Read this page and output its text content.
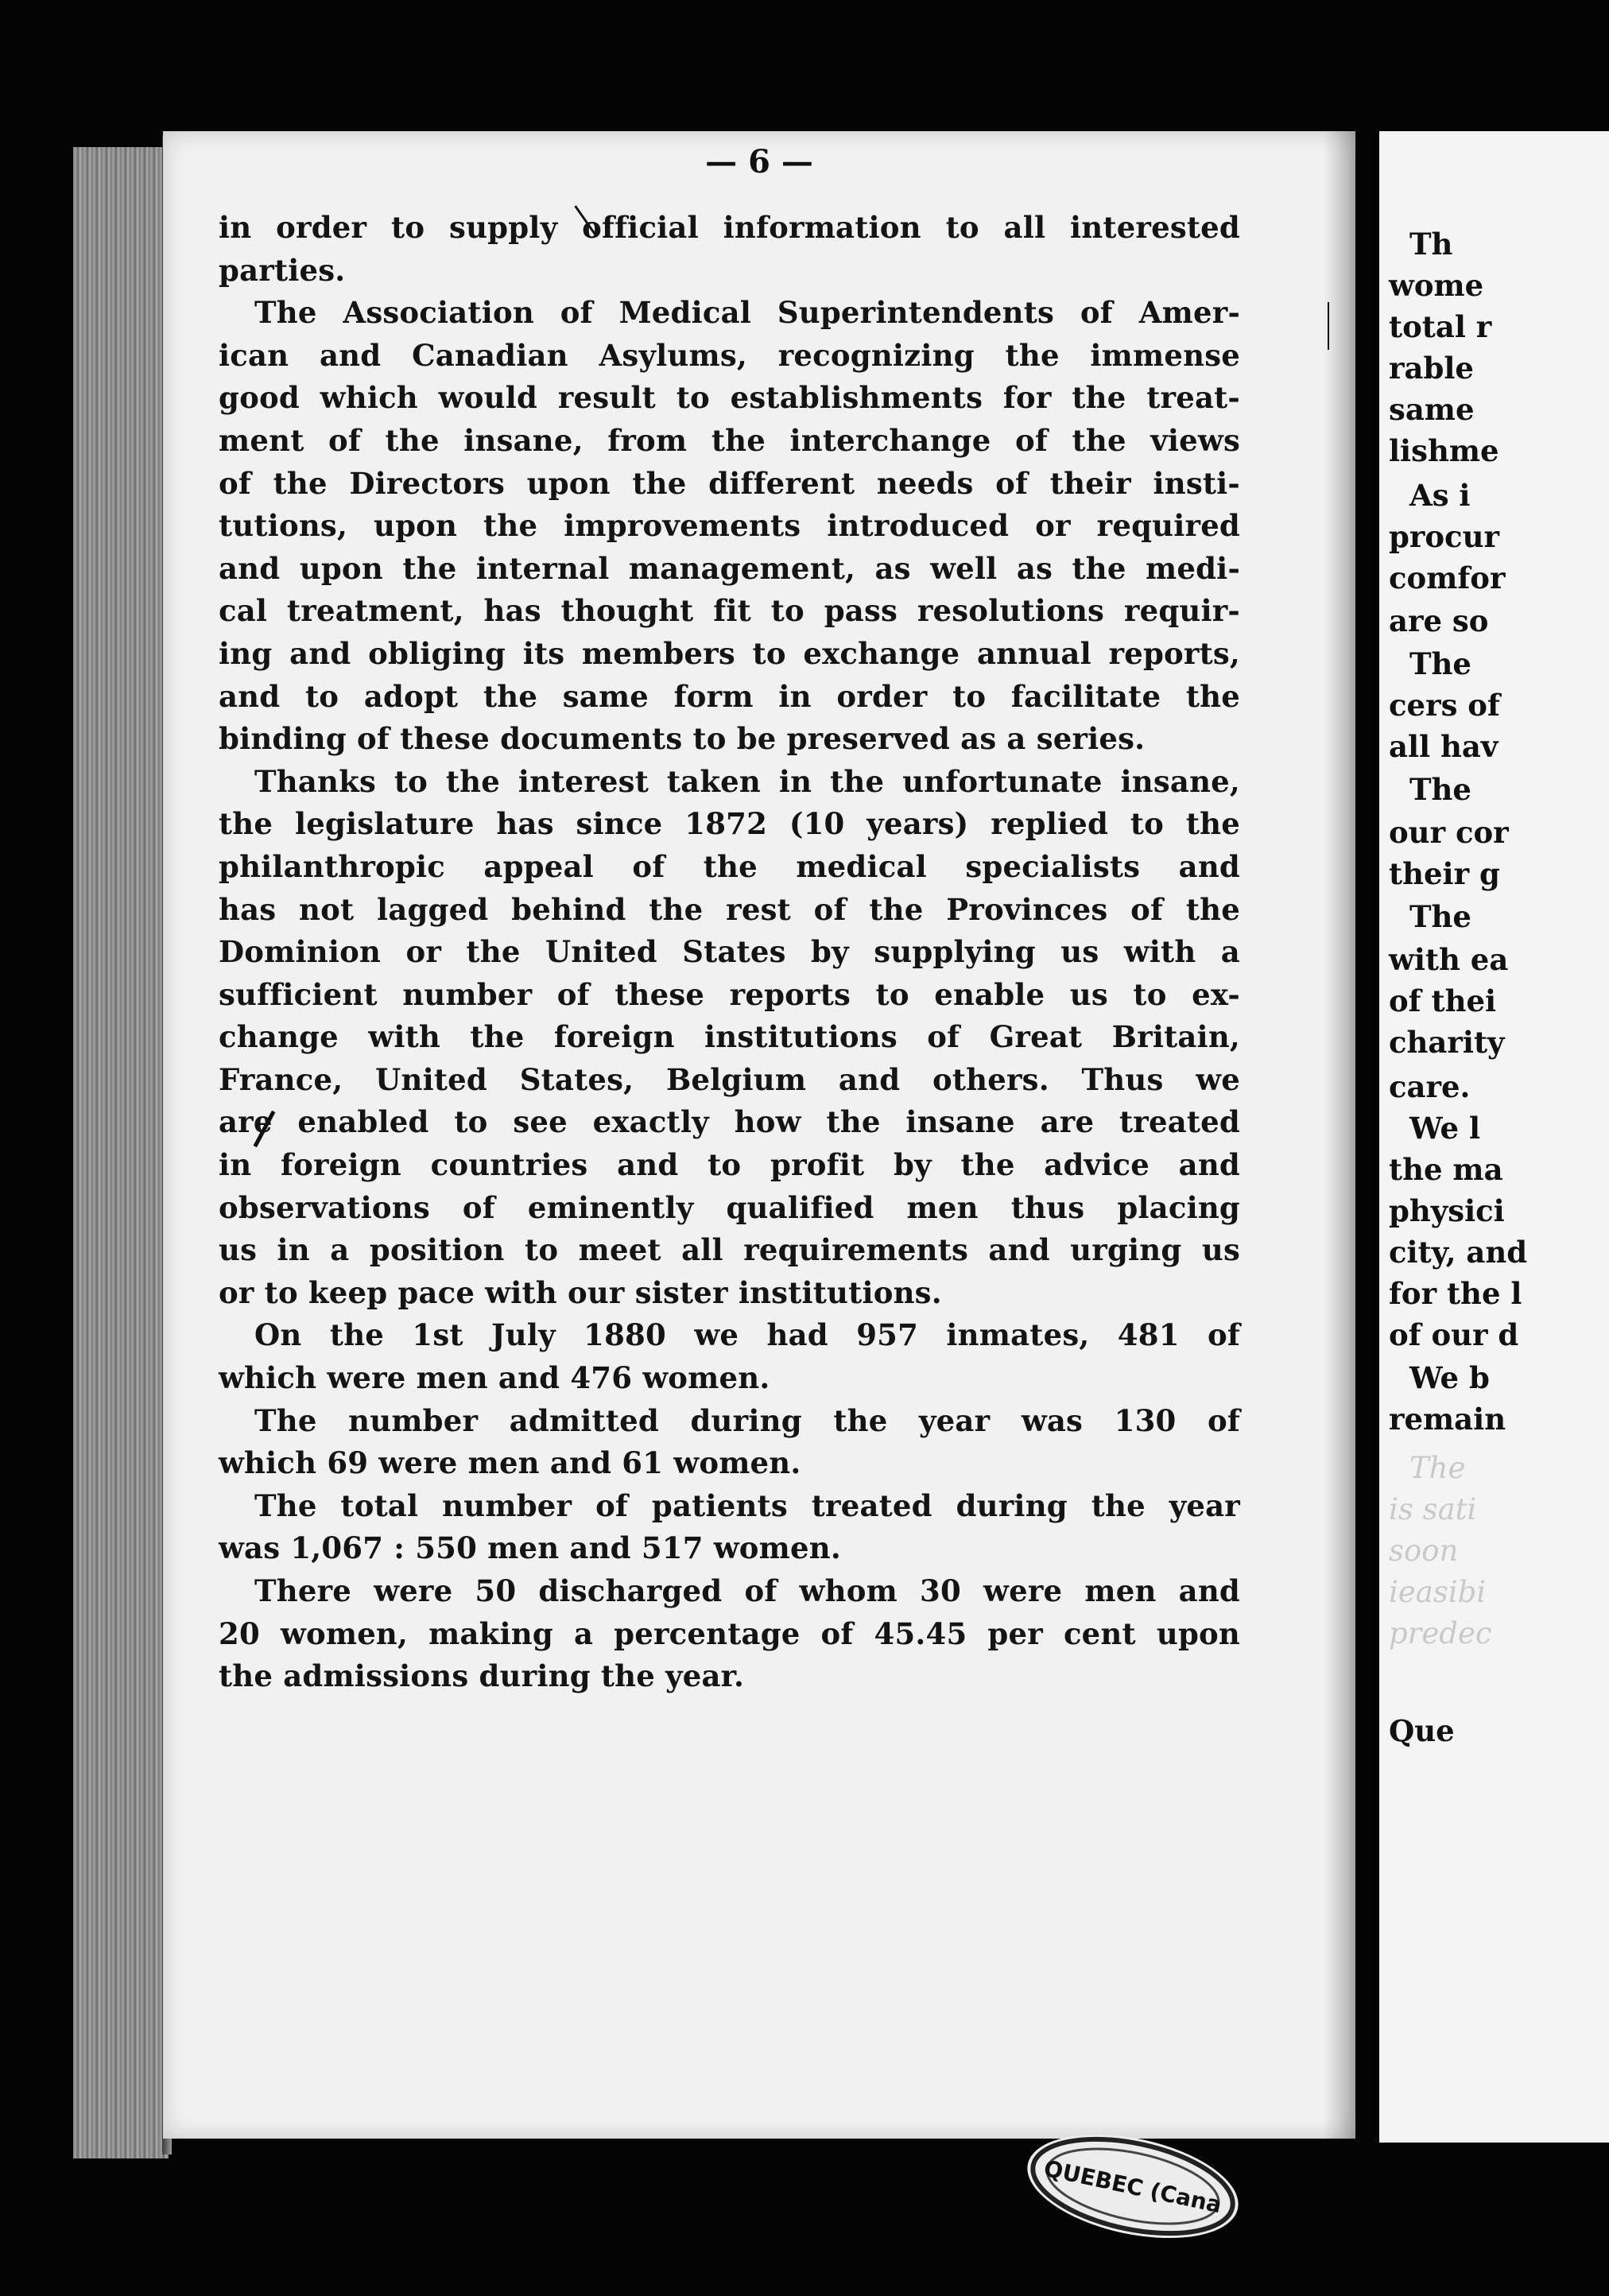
— 6 —
in order to supply official information to all interested
parties.
The Association of Medical Superintendents of Amer-
ican and Canadian Asylums, recognizing the immense
good which would result to establishments for the treat-
ment of the insane, from the interchange of the views
of the Directors upon the different needs of their insti-
tutions, upon the improvements introduced or required
and upon the internal management, as well as the medi-
cal treatment, has thought fit to pass resolutions requir-
ing and obliging its members to exchange annual reports,
and to adopt the same form in order to facilitate the
binding of these documents to be preserved as a series.
Thanks to the interest taken in the unfortunate insane,
the legislature has since 1872 (10 years) replied to the
philanthropic appeal of the medical specialists and
has not lagged behind the rest of the Provinces of the
Dominion or the United States by supplying us with a
sufficient number of these reports to enable us to ex-
change with the foreign institutions of Great Britain,
France, United States, Belgium and others. Thus we
are enabled to see exactly how the insane are treated
in foreign countries and to profit by the advice and
observations of eminently qualified men thus placing
us in a position to meet all requirements and urging us
or to keep pace with our sister institutions.
On the 1st July 1880 we had 957 inmates, 481 of
which were men and 476 women.
The number admitted during the year was 130 of
which 69 were men and 61 women.
The total number of patients treated during the year
was 1,067 : 550 men and 517 women.
There were 50 discharged of whom 30 were men and
20 women, making a percentage of 45.45 per cent upon
the admissions during the year.
Th
wome
total r
rable
same
lishme
As i
procur
comfor
are so
The
cers of
all hav
The
our cor
their g
The
with ea
of thei
charity
care.
We l
the ma
physici
city, and
for the l
of our d
We b
remain
The
is sati
soon
ieasibi
predec
Que
QUEBEC (Cana
